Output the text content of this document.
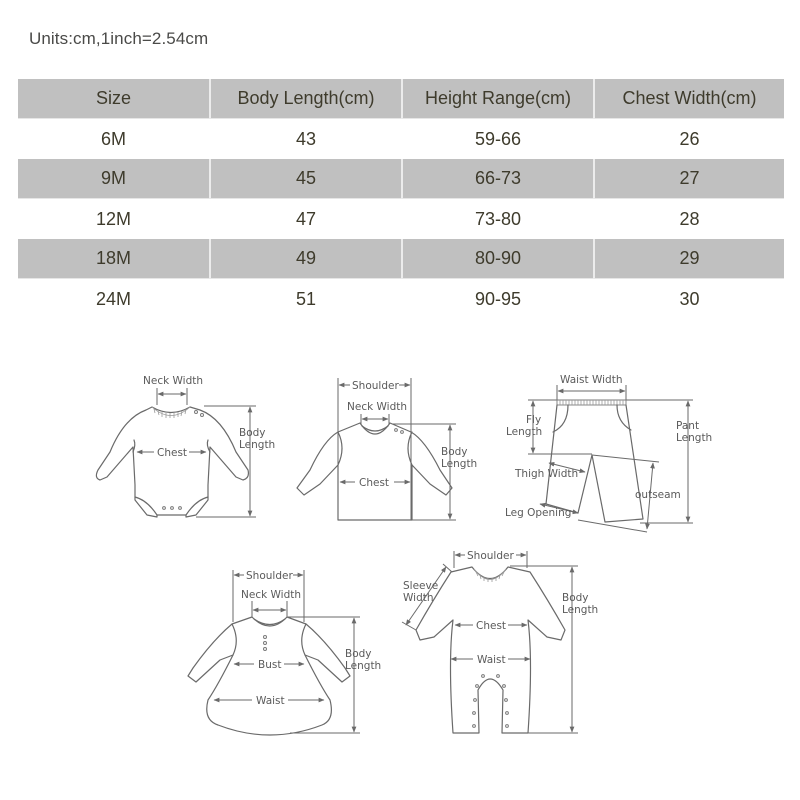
Units:cm,1inch=2.54cm
Size	Body Length(cm)	Height Range(cm)	Chest Width(cm)
6M	43	59-66	26
9M	45	66-73	27
12M	47	73-80	28
18M	49	80-90	29
24M	51	90-95	30
Neck Width
Chest
Body
Length
Shoulder
Neck Width
Chest
Body
Length
Waist Width
Fly
Length	Pant
Length
Thigh Width
outseam
Leg Opening
Shoulder
Neck Width
Bust
Waist
Body
Length
Shoulder
Sleeve
Width
Chest
Waist
Body
Length
